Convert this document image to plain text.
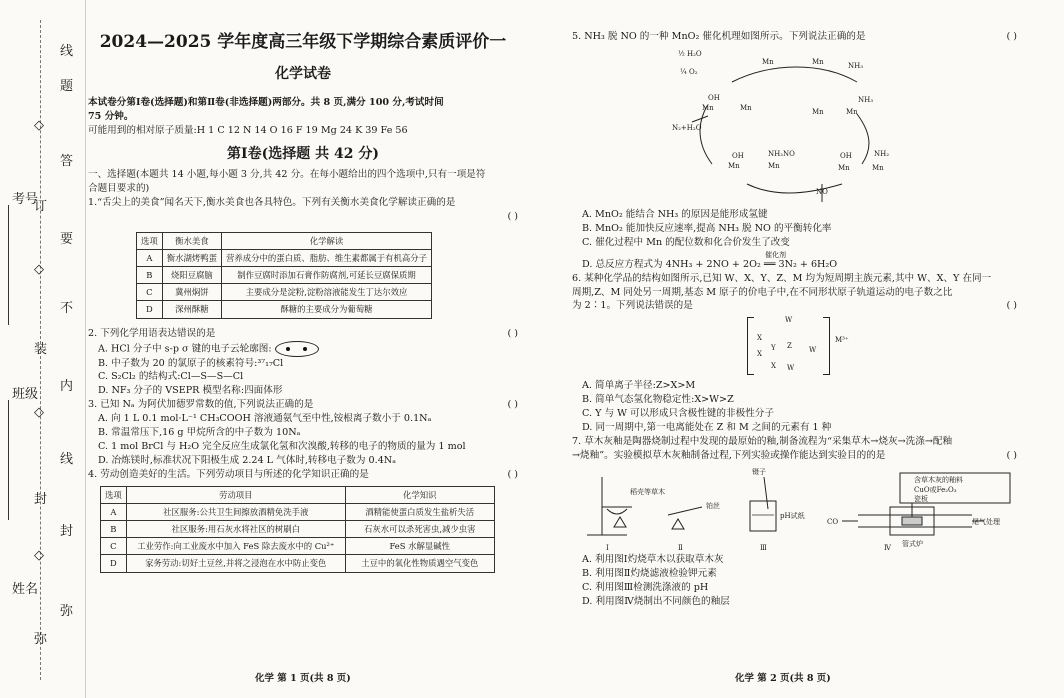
考号
班级
姓名
线
题
◇
答
订
要
◇
不
装
内
◇
线
封
◇
封
弥
弥
2024—2025 学年度高三年级下学期综合素质评价一
化学试卷
本试卷分第Ⅰ卷(选择题)和第Ⅱ卷(非选择题)两部分。共 8 页,满分 100 分,考试时间
75 分钟。
可能用到的相对原子质量:H 1 C 12 N 14 O 16 F 19 Mg 24 K 39 Fe 56
第Ⅰ卷(选择题 共 42 分)
一、选择题(本题共 14 小题,每小题 3 分,共 42 分。在每小题给出的四个选项中,只有一项是符
合题目要求的)
1.“舌尖上的美食”闻名天下,衡水美食也各具特色。下列有关衡水美食化学解读正确的是
( )
选项	衡水美食	化学解读
A	衡水湖烤鸭蛋	营养成分中的蛋白质、脂肪、维生素都属于有机高分子
B	烧阳豆腐脑	制作豆腐时添加石膏作防腐剂,可延长豆腐保质期
C	冀州焖饼	主要成分是淀粉,淀粉溶液能发生丁达尔效应
D	深州酥糖	酥糖的主要成分为葡萄糖
2. 下列化学用语表达错误的是	( )
A. HCl 分子中 s-p σ 键的电子云轮廓图:
B. 中子数为 20 的氯原子的核素符号:³⁷₁₇Cl
C. S₂Cl₂ 的结构式:Cl—S—S—Cl
D. NF₃ 分子的 VSEPR 模型名称:四面体形
3. 已知 Nₐ 为阿伏加德罗常数的值,下列说法正确的是	( )
A. 向 1 L 0.1 mol·L⁻¹ CH₃COOH 溶液通氨气至中性,铵根离子数小于 0.1Nₐ
B. 常温常压下,16 g 甲烷所含的中子数为 10Nₐ
C. 1 mol BrCl 与 H₂O 完全反应生成氯化氢和次溴酸,转移的电子的物质的量为 1 mol
D. 冶炼镁时,标准状况下阳极生成 2.24 L 气体时,转移电子数为 0.4Nₐ
4. 劳动创造美好的生活。下列劳动项目与所述的化学知识正确的是	( )
选项	劳动项目	化学知识
A	社区服务:公共卫生间擦放酒精免洗手液	酒精能使蛋白质发生盐析失活
B	社区服务:用石灰水将社区的树刷白	石灰水可以杀死害虫,减少虫害
C	工业劳作:向工业废水中加入 FeS 除去废水中的 Cu²⁺	FeS 水解显碱性
D	家务劳动:切好土豆丝,并将之浸泡在水中防止变色	土豆中的氧化性物质遇空气变色
化学 第 1 页(共 8 页)
5. NH₃ 脱 NO 的一种 MnO₂ 催化机理如图所示。下列说法正确的是	( )
½ H₂O
¼ O₂
Mn	Mn	NH₃
NH₃
Mn
OH
Mn	Mn
N₂+H₂O
Mn
NH₂NO
OH
Mn	Mn
OH	NH₂
Mn	Mn
NO
A. MnO₂ 能结合 NH₃ 的原因是能形成氢键
B. MnO₂ 能加快反应速率,提高 NH₃ 脱 NO 的平衡转化率
C. 催化过程中 Mn 的配位数和化合价发生了改变
D. 总反应方程式为 4NH₃ + 2NO + 2O₂ ══ 3N₂ + 6H₂O
催化剂
6. 某种化学品的结构如图所示,已知 W、X、Y、Z、M 均为短周期主族元素,其中 W、X、Y 在同一
周期,Z、M 同处另一周期,基态 M 原子的价电子中,在不同形状原子轨道运动的电子数之比
为 2∶1。下列说法错误的是	( )
W
X
Y Z W
X
X W
M³⁺
A. 简单离子半径:Z>X>M
B. 简单气态氢化物稳定性:X>W>Z
C. Y 与 W 可以形成只含极性键的非极性分子
D. 同一周期中,第一电离能处在 Z 和 M 之间的元素有 1 种
7. 草木灰釉是陶器烧制过程中发现的最原始的釉,制备流程为“采集草木→烧灰→洗涤→配釉
→烧釉”。实验模拟草木灰釉制备过程,下列实验或操作能达到实验目的的是	( )
稻壳等草木
铂丝
镊子
pH试纸
含草木灰的釉料
CuO或Fe₂O₃
瓷板
尾气处理
管式炉
CO
Ⅰ	Ⅱ	Ⅲ	Ⅳ
A. 利用图Ⅰ灼烧草木以获取草木灰
B. 利用图Ⅱ灼烧滤液检验钾元素
C. 利用图Ⅲ检测洗涤液的 pH
D. 利用图Ⅳ烧制出不同颜色的釉层
化学 第 2 页(共 8 页)
